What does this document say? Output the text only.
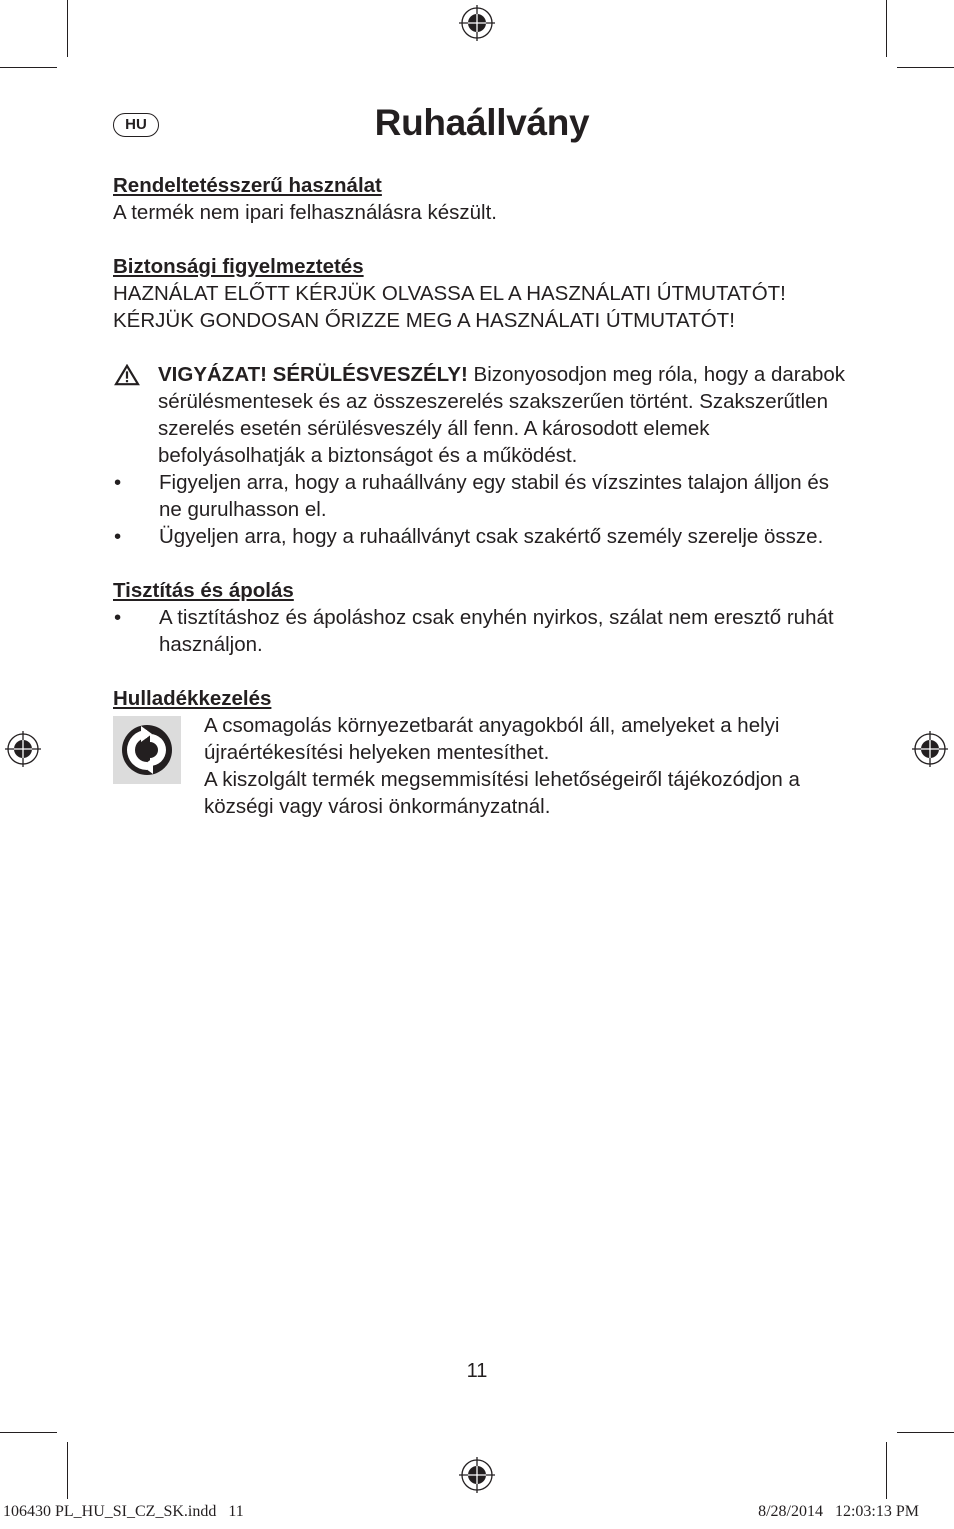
HU	Ruhaállvány

Rendeltetésszerű használat

A termék nem ipari felhasználásra készült.

Biztonsági figyelmeztetés

HAZNÁLAT ELŐTT KÉRJÜK OLVASSA EL A HASZNÁLATI ÚTMUTATÓT! KÉRJÜK GONDOSAN ŐRIZZE MEG A HASZNÁLATI ÚTMUTATÓT!

VIGYÁZAT! SÉRÜLÉSVESZÉLY! Bizonyosodjon meg róla, hogy a darabok sérülésmentesek és az összeszerelés szakszerűen történt. Szakszerűtlen szerelés esetén sérülésveszély áll fenn. A károsodott elemek befolyásolhatják a biztonságot és a működést.

•	Figyeljen arra, hogy a ruhaállvány egy stabil és vízszintes talajon álljon és ne gurulhasson el.

•	Ügyeljen arra, hogy a ruhaállványt csak szakértő személy szerelje össze.

Tisztítás és ápolás

•	A tisztításhoz és ápoláshoz csak enyhén nyirkos, szálat nem eresztő ruhát használjon.

Hulladékkezelés

A csomagolás környezetbarát anyagokból áll, amelyeket a helyi újraértékesítési helyeken mentesíthet.

A kiszolgált termék megsemmisítési lehetőségeiről tájékozódjon a községi vagy városi önkormányzatnál.

11
106430 PL_HU_SI_CZ_SK.indd   11	8/28/2014   12:03:13 PM
